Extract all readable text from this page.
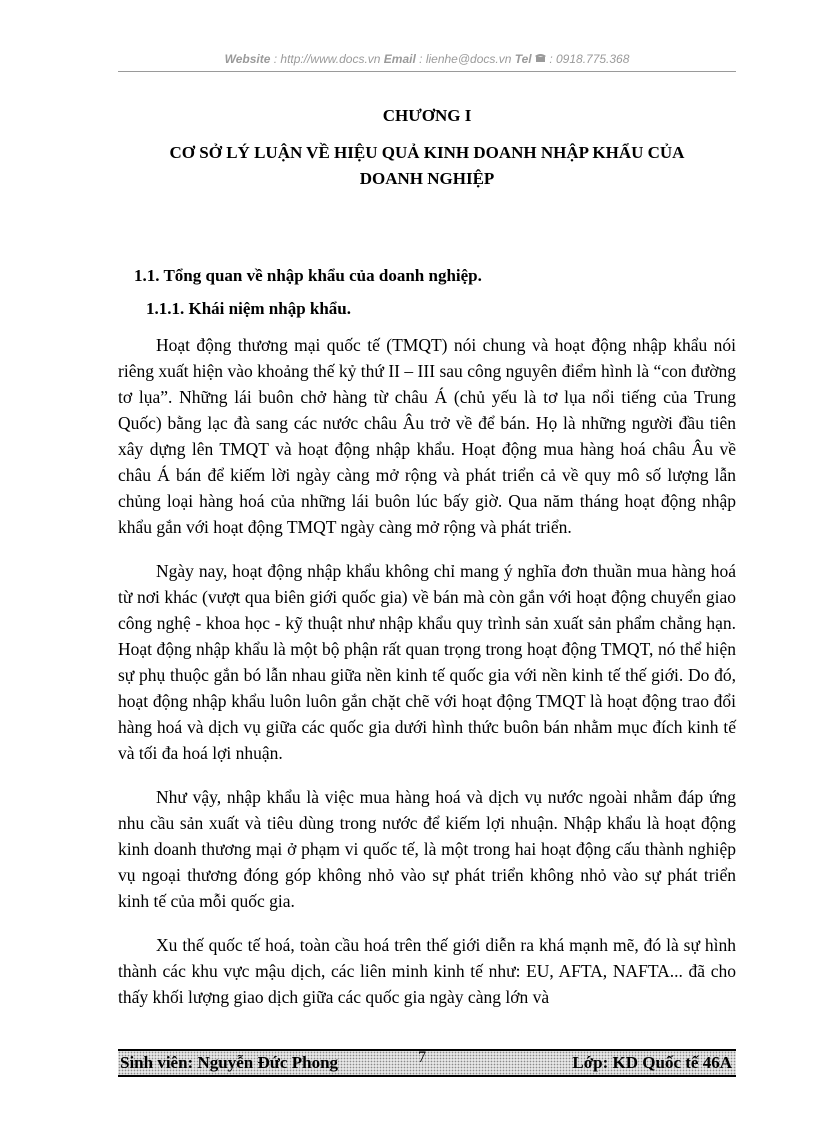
Website : http://www.docs.vn Email : lienhe@docs.vn Tel : 0918.775.368
CHƯƠNG I
CƠ SỞ LÝ LUẬN VỀ HIỆU QUẢ KINH DOANH NHẬP KHẨU CỦA DOANH NGHIỆP
1.1. Tổng quan về nhập khẩu của doanh nghiệp.
1.1.1. Khái niệm nhập khẩu.

Hoạt động thương mại quốc tế (TMQT) nói chung và hoạt động nhập khẩu nói riêng xuất hiện vào khoảng thế kỷ thứ II – III sau công nguyên điểm hình là “con đường tơ lụa”. Những lái buôn chở hàng từ châu Á (chủ yếu là tơ lụa nổi tiếng của Trung Quốc) bằng lạc đà sang các nước châu Âu trở về để bán. Họ là những người đầu tiên xây dựng lên TMQT và hoạt động nhập khẩu. Hoạt động mua hàng hoá châu Âu về châu Á bán để kiếm lời ngày càng mở rộng và phát triển cả về quy mô số lượng lẫn chủng loại hàng hoá của những lái buôn lúc bấy giờ. Qua năm tháng hoạt động nhập khẩu gắn với hoạt động TMQT ngày càng mở rộng và phát triển.

Ngày nay, hoạt động nhập khẩu không chỉ mang ý nghĩa đơn thuần mua hàng hoá từ nơi khác (vượt qua biên giới quốc gia) về bán mà còn gắn với hoạt động chuyển giao công nghệ - khoa học - kỹ thuật như nhập khẩu quy trình sản xuất sản phẩm chẳng hạn. Hoạt động nhập khẩu là một bộ phận rất quan trọng trong hoạt động TMQT, nó thể hiện sự phụ thuộc gắn bó lẫn nhau giữa nền kinh tế quốc gia với nền kinh tế thế giới. Do đó, hoạt động nhập khẩu luôn luôn gắn chặt chẽ với hoạt động TMQT là hoạt động trao đổi hàng hoá và dịch vụ giữa các quốc gia dưới hình thức buôn bán nhằm mục đích kinh tế và tối đa hoá lợi nhuận.

Như vậy, nhập khẩu là việc mua hàng hoá và dịch vụ nước ngoài nhằm đáp ứng nhu cầu sản xuất và tiêu dùng trong nước để kiếm lợi nhuận. Nhập khẩu là hoạt động kinh doanh thương mại ở phạm vi quốc tế, là một trong hai hoạt động cấu thành nghiệp vụ ngoại thương đóng góp không nhỏ vào sự phát triển không nhỏ vào sự phát triển kinh tế của mỗi quốc gia.

Xu thế quốc tế hoá, toàn cầu hoá trên thế giới diễn ra khá mạnh mẽ, đó là sự hình thành các khu vực mậu dịch, các liên minh kinh tế như: EU, AFTA, NAFTA... đã cho thấy khối lượng giao dịch giữa các quốc gia ngày càng lớn và

Sinh viên: Nguyễn Đức Phong	7	Lớp: KD Quốc tế 46A
